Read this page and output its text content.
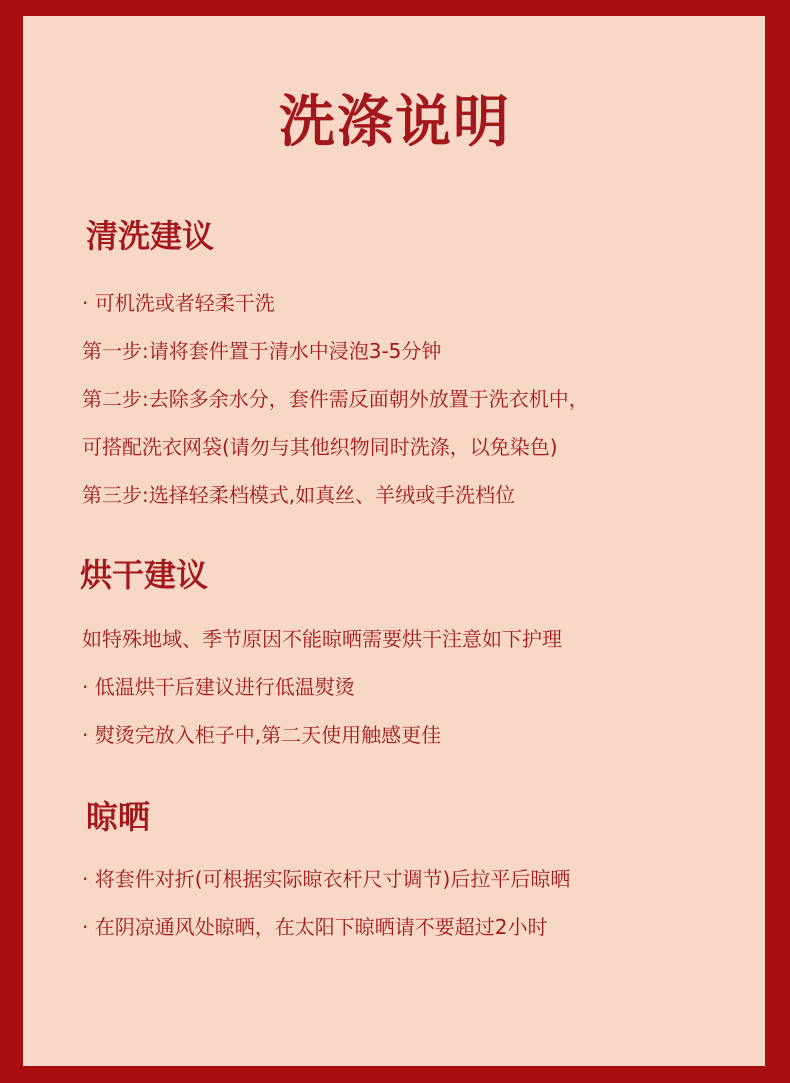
洗涤说明
清洗建议

· 可机洗或者轻柔干洗

第一步:请将套件置于清水中浸泡3-5分钟

第二步:去除多余水分，套件需反面朝外放置于洗衣机中，

可搭配洗衣网袋(请勿与其他织物同时洗涤，以免染色)

第三步:选择轻柔档模式,如真丝、羊绒或手洗档位

烘干建议

如特殊地域、季节原因不能晾晒需要烘干注意如下护理

· 低温烘干后建议进行低温熨烫

· 熨烫完放入柜子中,第二天使用触感更佳

晾晒

· 将套件对折(可根据实际晾衣杆尺寸调节)后拉平后晾晒

· 在阴凉通风处晾晒，在太阳下晾晒请不要超过2小时
